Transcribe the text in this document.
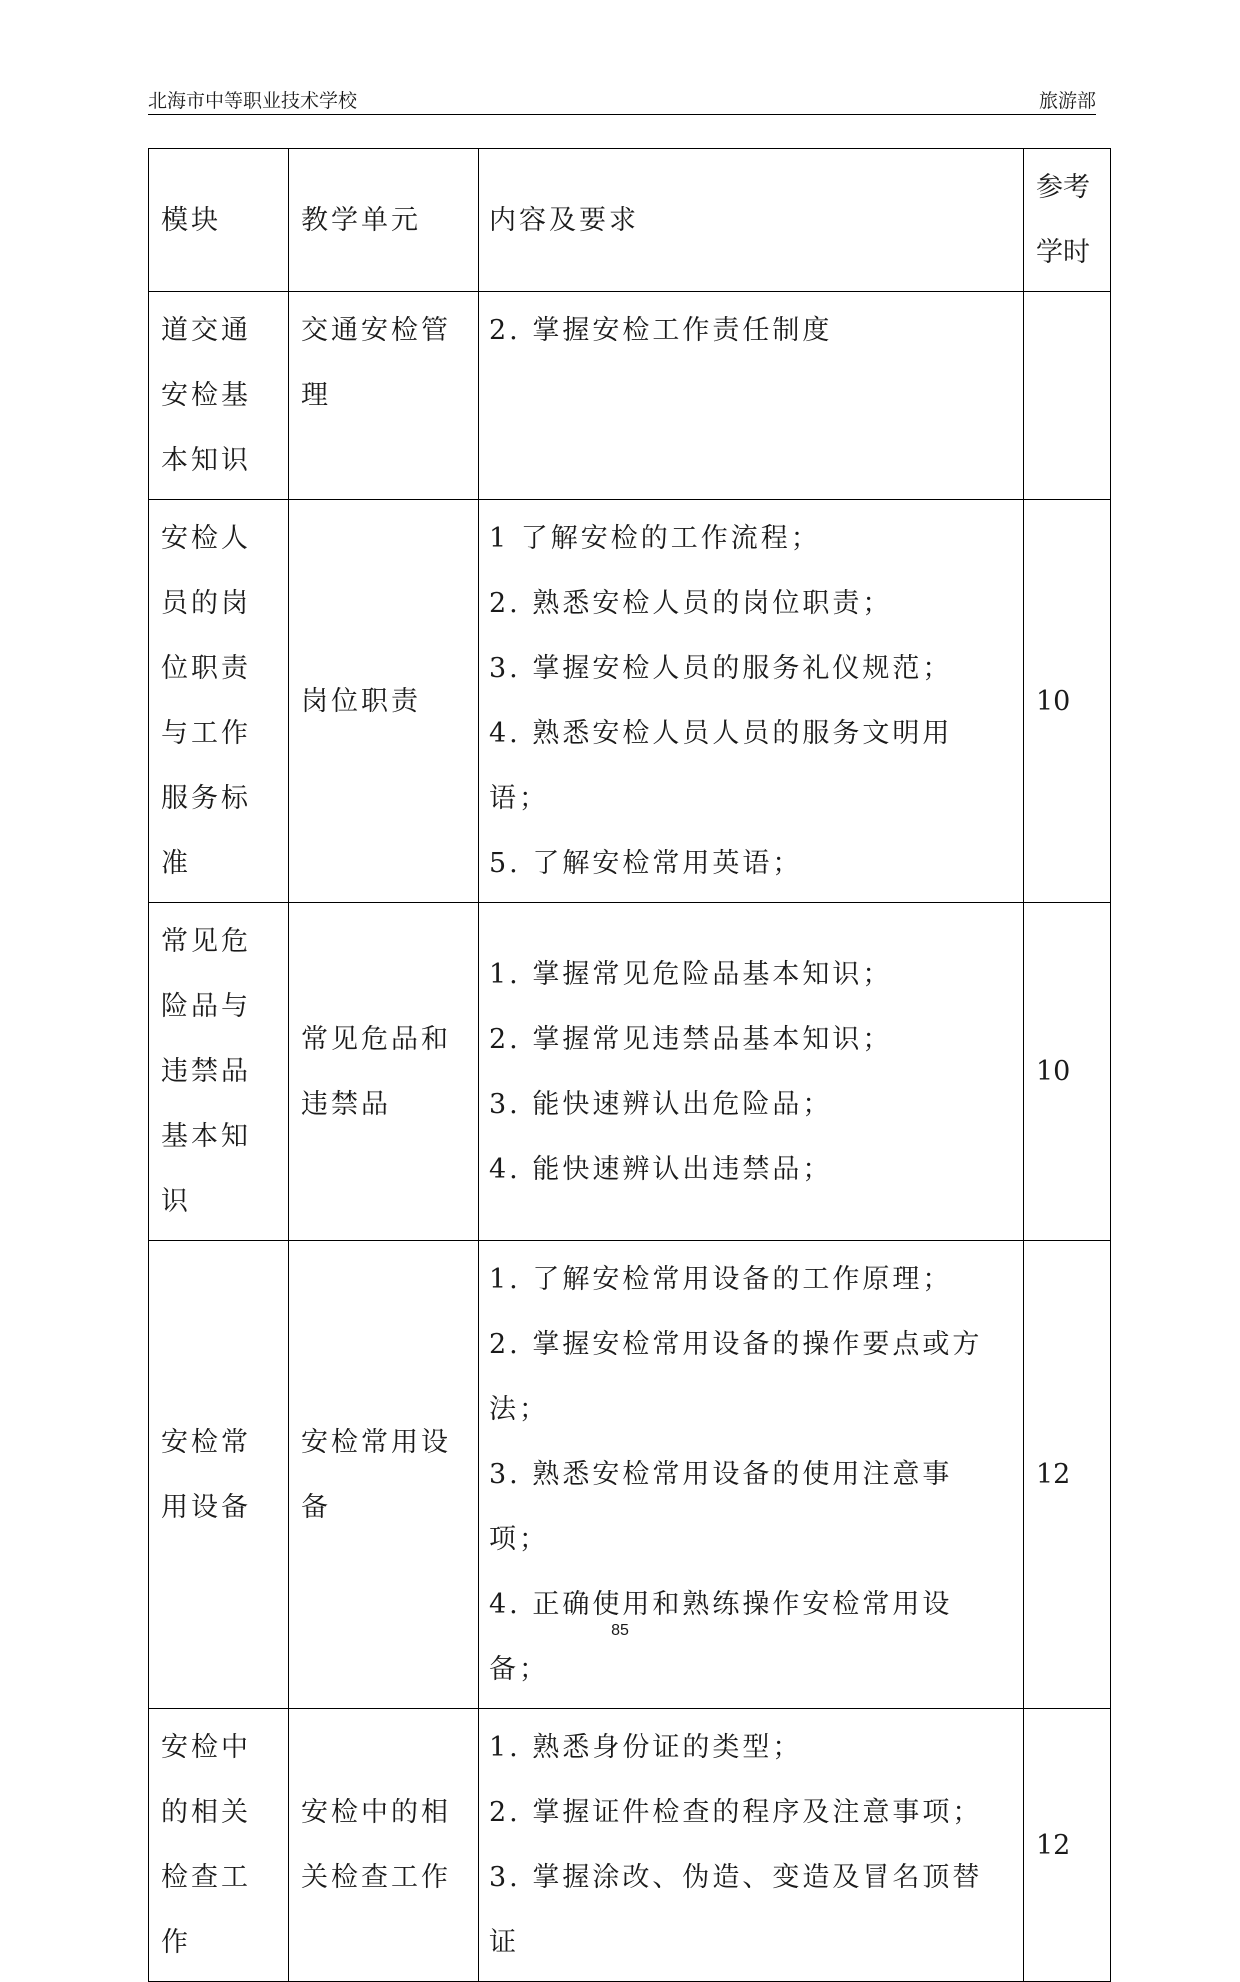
北海市中等职业技术学校	旅游部
模块	教学单元	内容及要求	参考
学时

道交通安检基本知识	交通安检管理	2. 掌握安检工作责任制度	

安检人员的岗位职责与工作服务标准	岗位职责	1 了解安检的工作流程；
2. 熟悉安检人员的岗位职责；
3. 掌握安检人员的服务礼仪规范；
4. 熟悉安检人员人员的服务文明用语；
5. 了解安检常用英语；	10
常见危险品与违禁品基本知识	常见危品和违禁品	1. 掌握常见危险品基本知识；
2. 掌握常见违禁品基本知识；
3. 能快速辨认出危险品；
4. 能快速辨认出违禁品；	10
安检常用设备	安检常用设备	1. 了解安检常用设备的工作原理；
2. 掌握安检常用设备的操作要点或方法；
3. 熟悉安检常用设备的使用注意事项；
4. 正确使用和熟练操作安检常用设备；	12
安检中的相关检查工作	安检中的相关检查工作	1. 熟悉身份证的类型；
2. 掌握证件检查的程序及注意事项；
3. 掌握涂改、伪造、变造及冒名顶替证	12
85
